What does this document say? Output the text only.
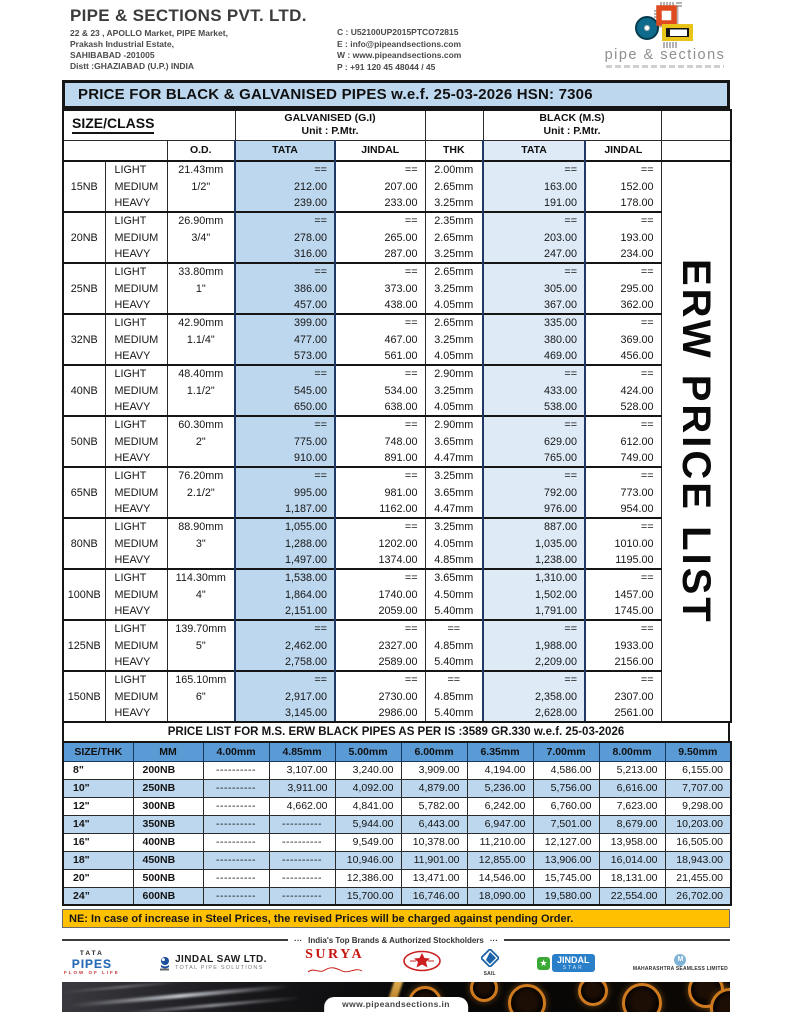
PIPE & SECTIONS PVT. LTD.
22 & 23 , APOLLO Market, PIPE Market,
Prakash Industrial Estate,
SAHIBABAD -201005
Distt :GHAZIABAD (U.P.) INDIA
C : U52100UP2015PTCO72815
E : info@pipeandsections.com
W : www.pipeandsections.com
P : +91 120 45 48044 / 45
pipe & sections
PRICE FOR BLACK & GALVANISED PIPES w.e.f. 25-03-2026 HSN: 7306
SIZE/CLASS	GALVANISED (G.I)
Unit : P.Mtr.

BLACK (M.S)
Unit : P.Mtr.

		O.D.	TATA	JINDAL	THK	TATA	JINDAL	
15NB	LIGHT	21.43mm	==	==	2.00mm	==	==	ERW PRICE LIST

	MEDIUM	1/2"	212.00	207.00	2.65mm	163.00	152.00	
	HEAVY		239.00	233.00	3.25mm	191.00	178.00	
20NB	LIGHT	26.90mm	==	==	2.35mm	==	==	
	MEDIUM	3/4"	278.00	265.00	2.65mm	203.00	193.00	
	HEAVY		316.00	287.00	3.25mm	247.00	234.00	
25NB	LIGHT	33.80mm	==	==	2.65mm	==	==	
	MEDIUM	1"	386.00	373.00	3.25mm	305.00	295.00	
	HEAVY		457.00	438.00	4.05mm	367.00	362.00	
32NB	LIGHT	42.90mm	399.00	==	2.65mm	335.00	==	
	MEDIUM	1.1/4"	477.00	467.00	3.25mm	380.00	369.00	
	HEAVY		573.00	561.00	4.05mm	469.00	456.00	
40NB	LIGHT	48.40mm	==	==	2.90mm	==	==	
	MEDIUM	1.1/2"	545.00	534.00	3.25mm	433.00	424.00	
	HEAVY		650.00	638.00	4.05mm	538.00	528.00	
50NB	LIGHT	60.30mm	==	==	2.90mm	==	==	
	MEDIUM	2"	775.00	748.00	3.65mm	629.00	612.00	
	HEAVY		910.00	891.00	4.47mm	765.00	749.00	
65NB	LIGHT	76.20mm	==	==	3.25mm	==	==	
	MEDIUM	2.1/2"	995.00	981.00	3.65mm	792.00	773.00	
	HEAVY		1,187.00	1162.00	4.47mm	976.00	954.00	
80NB	LIGHT	88.90mm	1,055.00	==	3.25mm	887.00	==	
	MEDIUM	3"	1,288.00	1202.00	4.05mm	1,035.00	1010.00	
	HEAVY		1,497.00	1374.00	4.85mm	1,238.00	1195.00	
100NB	LIGHT	114.30mm	1,538.00	==	3.65mm	1,310.00	==	
	MEDIUM	4"	1,864.00	1740.00	4.50mm	1,502.00	1457.00	
	HEAVY		2,151.00	2059.00	5.40mm	1,791.00	1745.00	
125NB	LIGHT	139.70mm	==	==	==	==	==	
	MEDIUM	5"	2,462.00	2327.00	4.85mm	1,988.00	1933.00	
	HEAVY		2,758.00	2589.00	5.40mm	2,209.00	2156.00	
150NB	LIGHT	165.10mm	==	==	==	==	==	
	MEDIUM	6"	2,917.00	2730.00	4.85mm	2,358.00	2307.00	
	HEAVY		3,145.00	2986.00	5.40mm	2,628.00	2561.00	
PRICE LIST FOR M.S. ERW BLACK PIPES AS PER IS :3589 GR.330 w.e.f. 25-03-2026
SIZE/THK	MM	4.00mm	4.85mm	5.00mm	6.00mm	6.35mm	7.00mm	8.00mm	9.50mm
8"	200NB	----------	3,107.00	3,240.00	3,909.00	4,194.00	4,586.00	5,213.00	6,155.00
10"	250NB	----------	3,911.00	4,092.00	4,879.00	5,236.00	5,756.00	6,616.00	7,707.00
12"	300NB	----------	4,662.00	4,841.00	5,782.00	6,242.00	6,760.00	7,623.00	9,298.00
14"	350NB	----------	----------	5,944.00	6,443.00	6,947.00	7,501.00	8,679.00	10,203.00
16"	400NB	----------	----------	9,549.00	10,378.00	11,210.00	12,127.00	13,958.00	16,505.00
18"	450NB	----------	----------	10,946.00	11,901.00	12,855.00	13,906.00	16,014.00	18,943.00
20"	500NB	----------	----------	12,386.00	13,471.00	14,546.00	15,745.00	18,131.00	21,455.00
24”	600NB	----------	----------	15,700.00	16,746.00	18,090.00	19,580.00	22,554.00	26,702.00
NE: In case of increase in Steel Prices, the revised Prices will be charged against pending Order.
··· India's Top Brands & Authorized Stockholders ···
TATA
PIPES
FLOW OF LIFE
JINDAL SAW LTD.
TOTAL PIPE SOLUTIONS
SURYA
SAIL
★	JINDAL
STAR
M
MAHARASHTRA SEAMLESS LIMITED
www.pipeandsections.in
